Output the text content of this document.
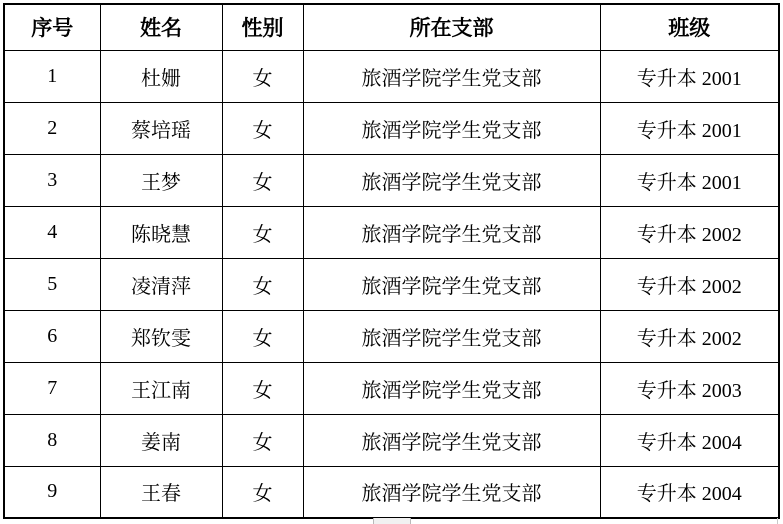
序号	姓名	性别	所在支部	班级
1	杜姗	女	旅酒学院学生党支部	专升本 2001
2	蔡培瑶	女	旅酒学院学生党支部	专升本 2001
3	王梦	女	旅酒学院学生党支部	专升本 2001
4	陈晓慧	女	旅酒学院学生党支部	专升本 2002
5	凌清萍	女	旅酒学院学生党支部	专升本 2002
6	郑钦雯	女	旅酒学院学生党支部	专升本 2002
7	王江南	女	旅酒学院学生党支部	专升本 2003
8	姜南	女	旅酒学院学生党支部	专升本 2004
9	王春	女	旅酒学院学生党支部	专升本 2004
